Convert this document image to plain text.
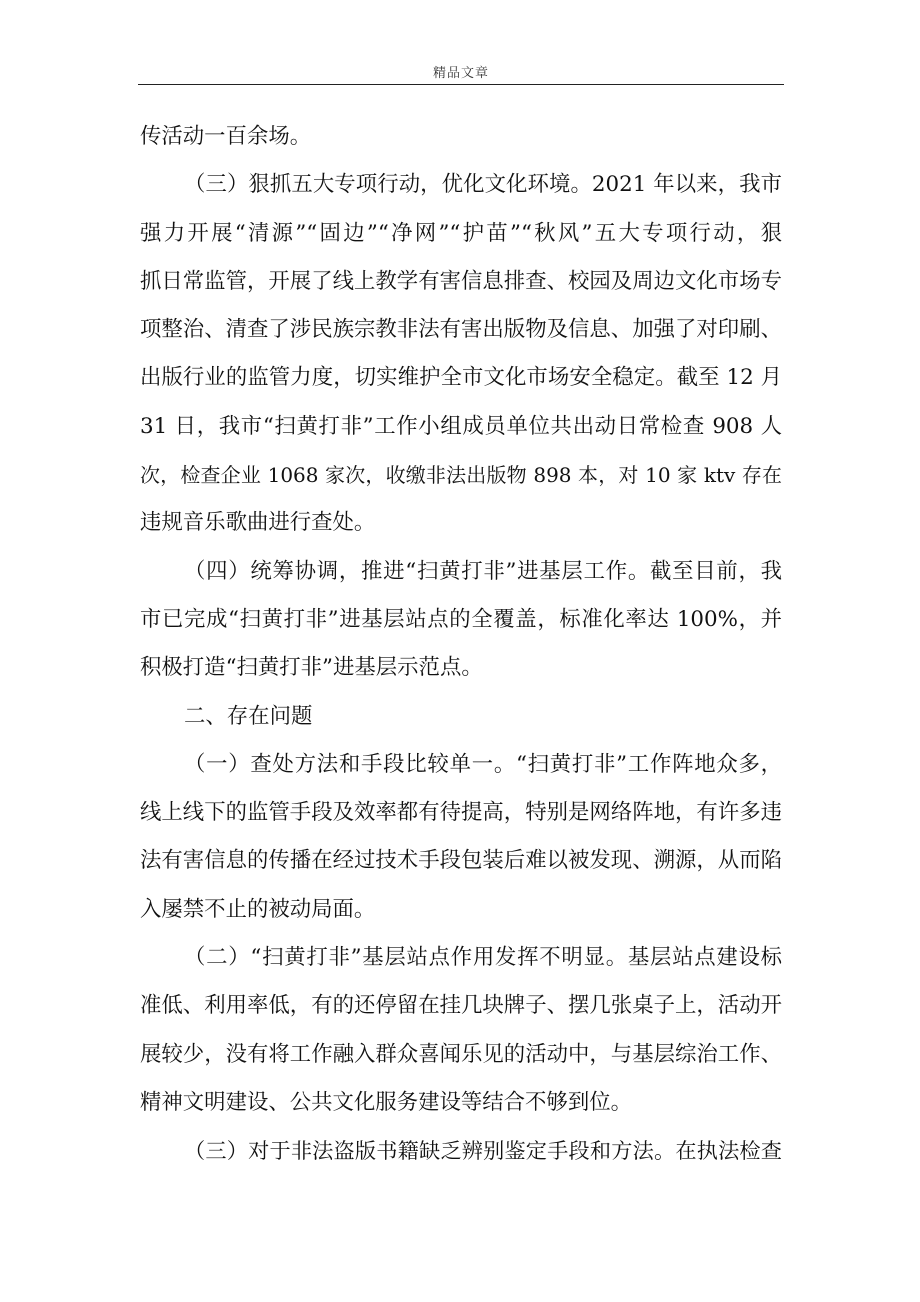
精品文章
传活动一百余场。
（三）狠抓五大专项行动，优化文化环境。2021 年以来，我市
强力开展“清源”“固边”“净网”“护苗”“秋风”五大专项行动，狠
抓日常监管，开展了线上教学有害信息排查、校园及周边文化市场专
项整治、清查了涉民族宗教非法有害出版物及信息、加强了对印刷、
出版行业的监管力度，切实维护全市文化市场安全稳定。截至 12 月
31 日，我市“扫黄打非”工作小组成员单位共出动日常检查 908 人
次，检查企业 1068 家次，收缴非法出版物 898 本，对 10 家 ktv 存在
违规音乐歌曲进行查处。
（四）统筹协调，推进“扫黄打非”进基层工作。截至目前，我
市已完成“扫黄打非”进基层站点的全覆盖，标准化率达 100%，并
积极打造“扫黄打非”进基层示范点。
二、存在问题
（一）查处方法和手段比较单一。“扫黄打非”工作阵地众多，
线上线下的监管手段及效率都有待提高，特别是网络阵地，有许多违
法有害信息的传播在经过技术手段包装后难以被发现、溯源，从而陷
入屡禁不止的被动局面。
（二）“扫黄打非”基层站点作用发挥不明显。基层站点建设标
准低、利用率低，有的还停留在挂几块牌子、摆几张桌子上，活动开
展较少，没有将工作融入群众喜闻乐见的活动中，与基层综治工作、
精神文明建设、公共文化服务建设等结合不够到位。
（三）对于非法盗版书籍缺乏辨别鉴定手段和方法。在执法检查
